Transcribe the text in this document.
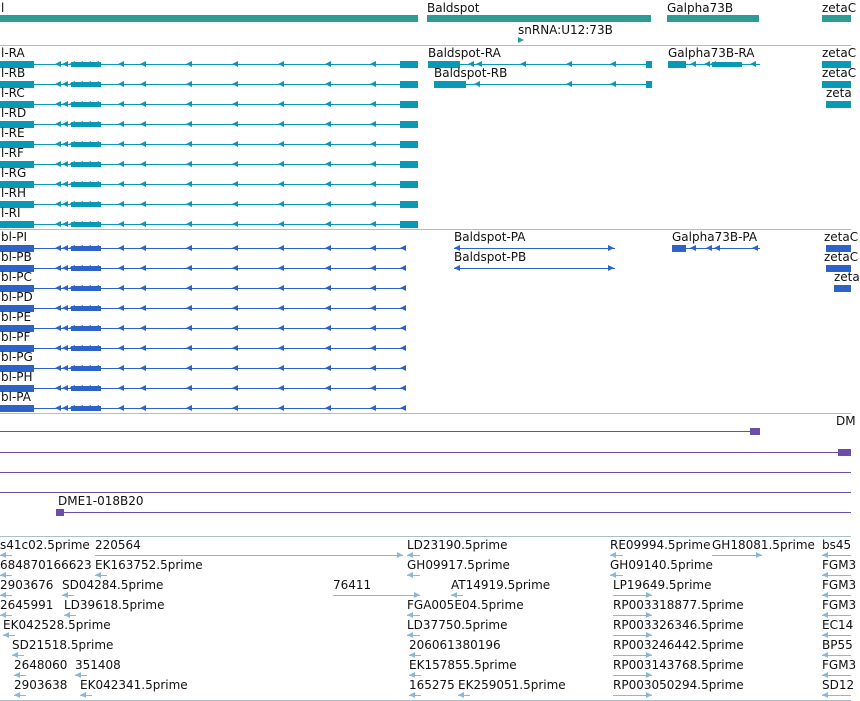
l	Baldspot	Galpha73B	zetaC
snRNA:U12:73B
l-RA
l-RB
l-RC
l-RD
l-RE
l-RF
l-RG
l-RH
l-RI
Baldspot-RA
Baldspot-RB
Galpha73B-RA	zetaC
zetaC
zeta
bl-PI
bl-PB
bl-PC
bl-PD
bl-PE
bl-PF
bl-PG
bl-PH
bl-PA
Baldspot-PA
Baldspot-PB
Galpha73B-PA	zetaC
zetaC
zeta
DM
DME1-018B20
s41c02.5prime 220564	LD23190.5prime	RE09994.5prime GH18081.5prime bs45
684870166623 EK163752.5prime	GH09917.5prime	GH09140.5prime	FGM3
2903676 SD04284.5prime	76411	AT14919.5prime	LP19649.5prime	FGM3
2645991 LD39618.5prime	FGA005E04.5prime	RP003318877.5prime	FGM3
EK042528.5prime	LD37750.5prime	RP003326346.5prime	EC14
SD21518.5prime	206061380196	RP003246442.5prime	BP55
2648060 351408	EK157855.5prime	RP003143768.5prime	FGM3
2903638 EK042341.5prime	165275 EK259051.5prime	RP003050294.5prime	SD12
